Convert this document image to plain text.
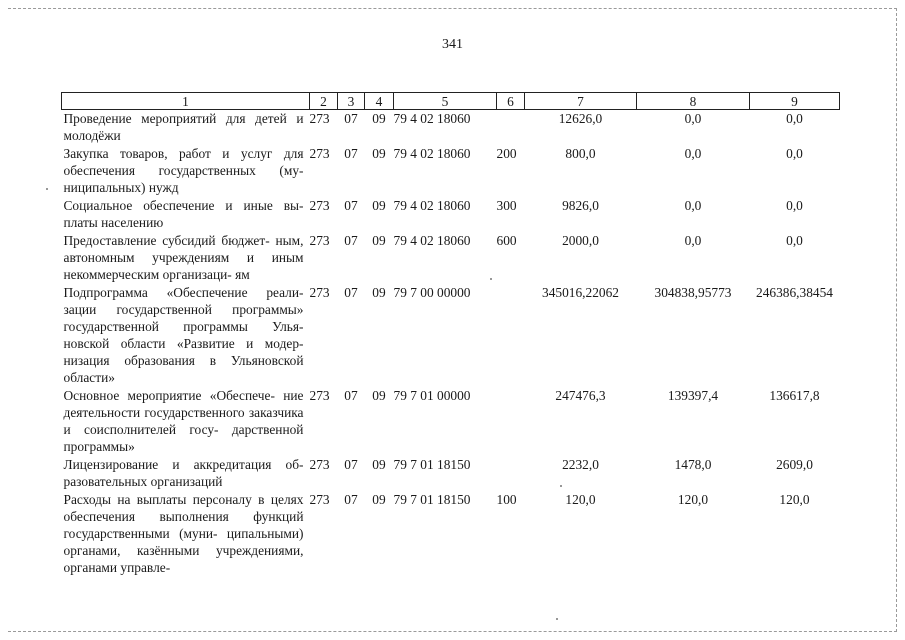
341
1	2	3	4	5	6	7	8	9
Проведение мероприятий для детей и молодёжи	273	07	09	79 4 02 18060		12626,0	0,0	0,0
Закупка товаров, работ и услуг для обеспечения государственных (му- ниципальных) нужд	273	07	09	79 4 02 18060	200	800,0	0,0	0,0
Социальное обеспечение и иные вы- платы населению	273	07	09	79 4 02 18060	300	9826,0	0,0	0,0
Предоставление субсидий бюджет- ным, автономным учреждениям и иным некоммерческим организаци- ям	273	07	09	79 4 02 18060	600	2000,0	0,0	0,0
Подпрограмма «Обеспечение реали- зации государственной программы» государственной программы Улья- новской области «Развитие и модер- низация образования в Ульяновской области»	273	07	09	79 7 00 00000		345016,22062	304838,95773	246386,38454
Основное мероприятие «Обеспече- ние деятельности государственного заказчика и соисполнителей госу- дарственной программы»	273	07	09	79 7 01 00000		247476,3	139397,4	136617,8
Лицензирование и аккредитация об- разовательных организаций	273	07	09	79 7 01 18150		2232,0	1478,0	2609,0
Расходы на выплаты персоналу в целях обеспечения выполнения функций государственными (муни- ципальными) органами, казёнными учреждениями, органами управле-	273	07	09	79 7 01 18150	100	120,0	120,0	120,0
